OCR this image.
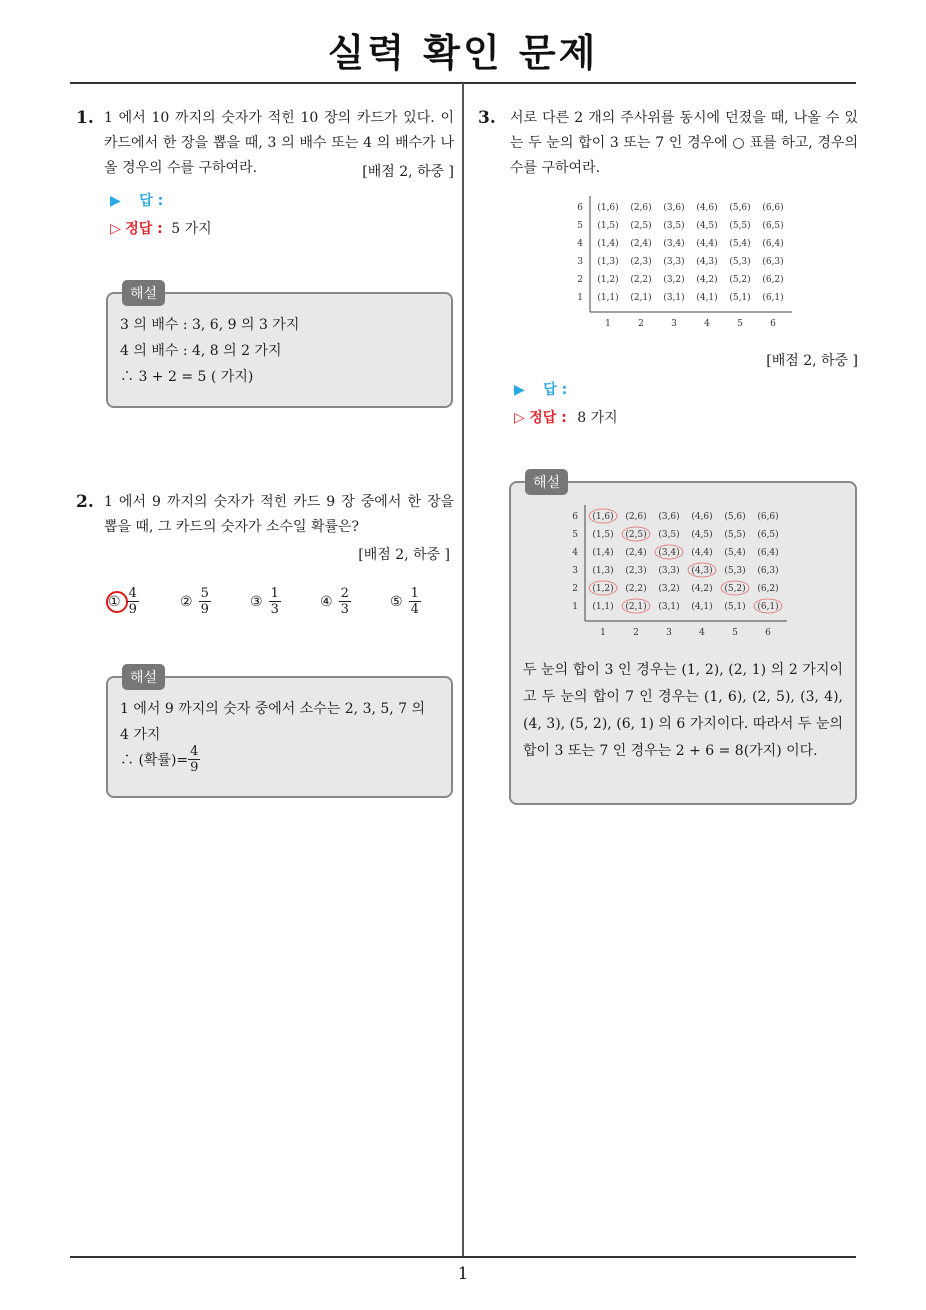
실력 확인 문제
1. 1 에서 10 까지의 숫자가 적힌 10 장의 카드가 있다. 이 카드에서 한 장을 뽑을 때, 3 의 배수 또는 4 의 배수가 나올 경우의 수를 구하여라.	[배점 2, 하중 ]
▶ 답 :
▷ 정답 : 5 가지
해설
3 의 배수 : 3, 6, 9 의 3 가지
4 의 배수 : 4, 8 의 2 가지
∴ 3 + 2 = 5 ( 가지)
2. 1 에서 9 까지의 숫자가 적힌 카드 9 장 중에서 한 장을 뽑을 때, 그 카드의 숫자가 소수일 확률은?
[배점 2, 하중 ]
① $\frac{4}{9}$	② $\frac{5}{9}$	③ $\frac{1}{3}$	④ $\frac{2}{3}$	⑤ $\frac{1}{4}$
해설
1 에서 9 까지의 숫자 중에서 소수는 2, 3, 5, 7 의
4 가지
∴ (확률)= $\frac{4}{9}$
3. 서로 다른 2 개의 주사위를 동시에 던졌을 때, 나올 수 있는 두 눈의 합이 3 또는 7 인 경우에 ○ 표를 하고, 경우의 수를 구하여라.
6
5
4
3
2
1
1	2	3	4	5	6
(1,6) (2,6) (3,6) (4,6) (5,6) (6,6)
(1,5) (2,5) (3,5) (4,5) (5,5) (6,5)
(1,4) (2,4) (3,4) (4,4) (5,4) (6,4)
(1,3) (2,3) (3,3) (4,3) (5,3) (6,3)
(1,2) (2,2) (3,2) (4,2) (5,2) (6,2)
(1,1) (2,1) (3,1) (4,1) (5,1) (6,1)
[배점 2, 하중 ]
▶ 답 :
▷ 정답 : 8 가지
해설
6
5
4
3
2
1
1	2	3	4	5	6
(1,6) (2,6) (3,6) (4,6) (5,6) (6,6)
(1,5) (2,5) (3,5) (4,5) (5,5) (6,5)
(1,4) (2,4) (3,4) (4,4) (5,4) (6,4)
(1,3) (2,3) (3,3) (4,3) (5,3) (6,3)
(1,2) (2,2) (3,2) (4,2) (5,2) (6,2)
(1,1) (2,1) (3,1) (4,1) (5,1) (6,1)
두 눈의 합이 3 인 경우는 (1, 2), (2, 1) 의 2 가지이고 두 눈의 합이 7 인 경우는 (1, 6), (2, 5), (3, 4), (4, 3), (5, 2), (6, 1) 의 6 가지이다. 따라서 두 눈의 합이 3 또는 7 인 경우는 2 + 6 = 8(가지) 이다.
1
